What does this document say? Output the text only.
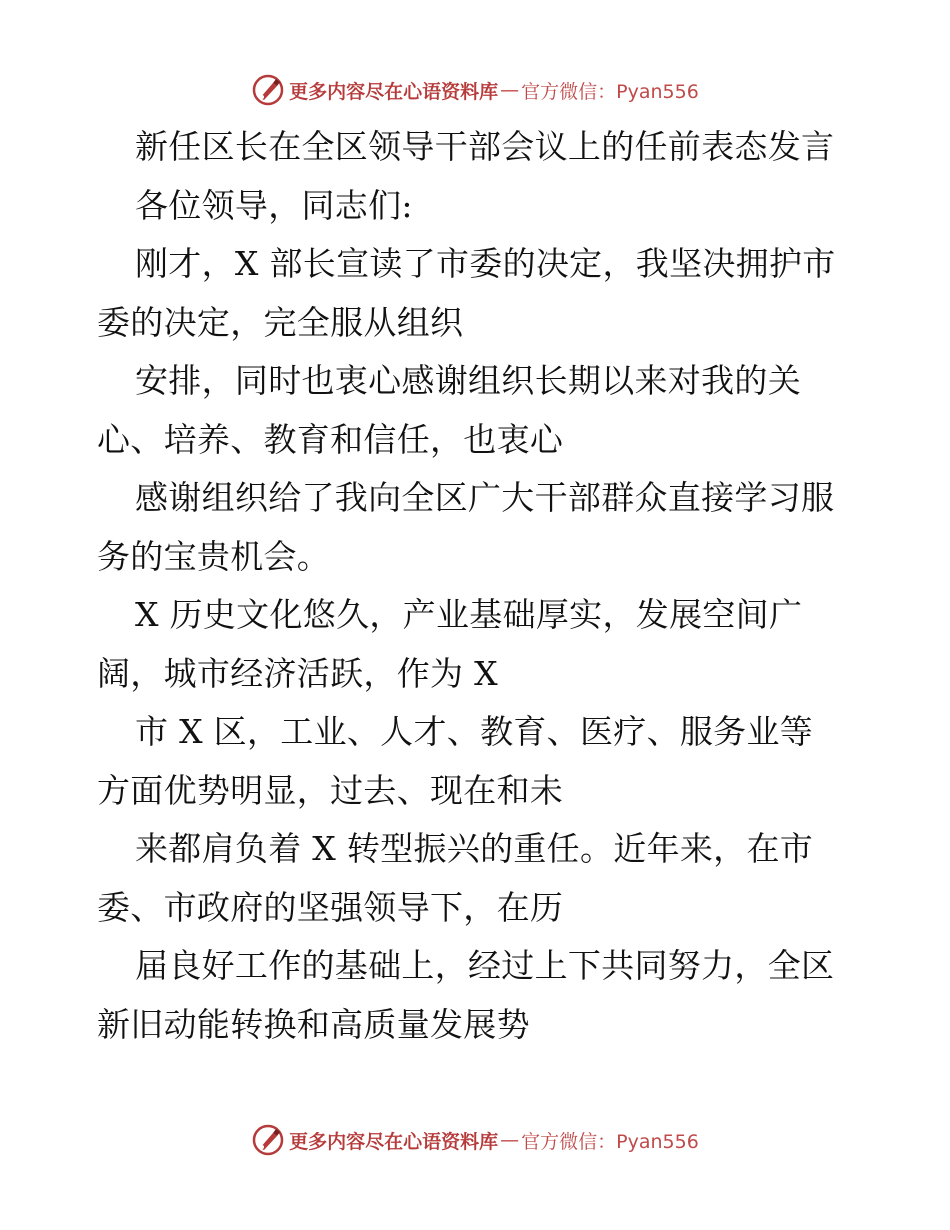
更多内容尽在心语资料库 — 官方微信：Pyan556
新任区长在全区领导干部会议上的任前表态发言
各位领导，同志们:
刚才，X 部长宣读了市委的决定，我坚决拥护市
委的决定，完全服从组织
安排，同时也衷心感谢组织长期以来对我的关
心、培养、教育和信任，也衷心
感谢组织给了我向全区广大干部群众直接学习服
务的宝贵机会。
X 历史文化悠久，产业基础厚实，发展空间广
阔，城市经济活跃，作为 X
市 X 区，工业、人才、教育、医疗、服务业等
方面优势明显，过去、现在和未
来都肩负着 X 转型振兴的重任。近年来，在市
委、市政府的坚强领导下，在历
届良好工作的基础上，经过上下共同努力，全区
新旧动能转换和高质量发展势
更多内容尽在心语资料库 — 官方微信：Pyan556
